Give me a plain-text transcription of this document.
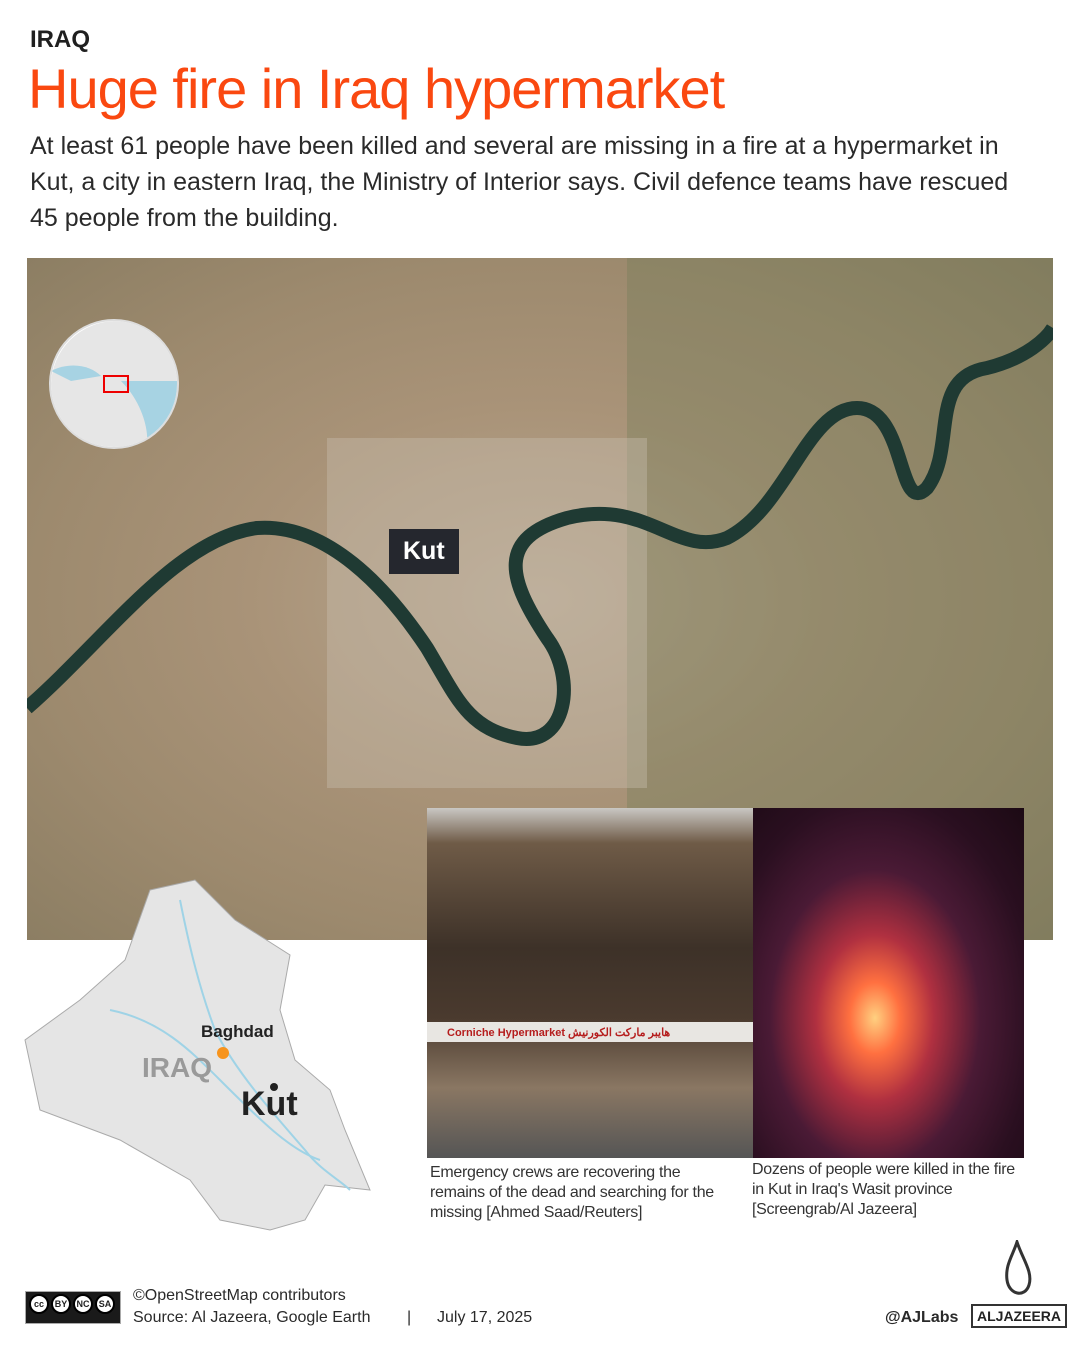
IRAQ
Huge fire in Iraq hypermarket
At least 61 people have been killed and several are missing in a fire at a hypermarket in Kut, a city in eastern Iraq, the Ministry of Interior says. Civil defence teams have rescued 45 people from the building.
Kut
Baghdad
IRAQ
Kut
Corniche Hypermarket هايبر ماركت الكورنيش
Emergency crews are recovering the remains of the dead and searching for the missing [Ahmed Saad/Reuters]
Dozens of people were killed in the fire in Kut in Iraq's Wasit province [Screengrab/Al Jazeera]
cc	BY	NC	SA ©OpenStreetMap contributors
Source: Al Jazeera, Google Earth | July 17, 2025	@AJLabs	ALJAZEERA
